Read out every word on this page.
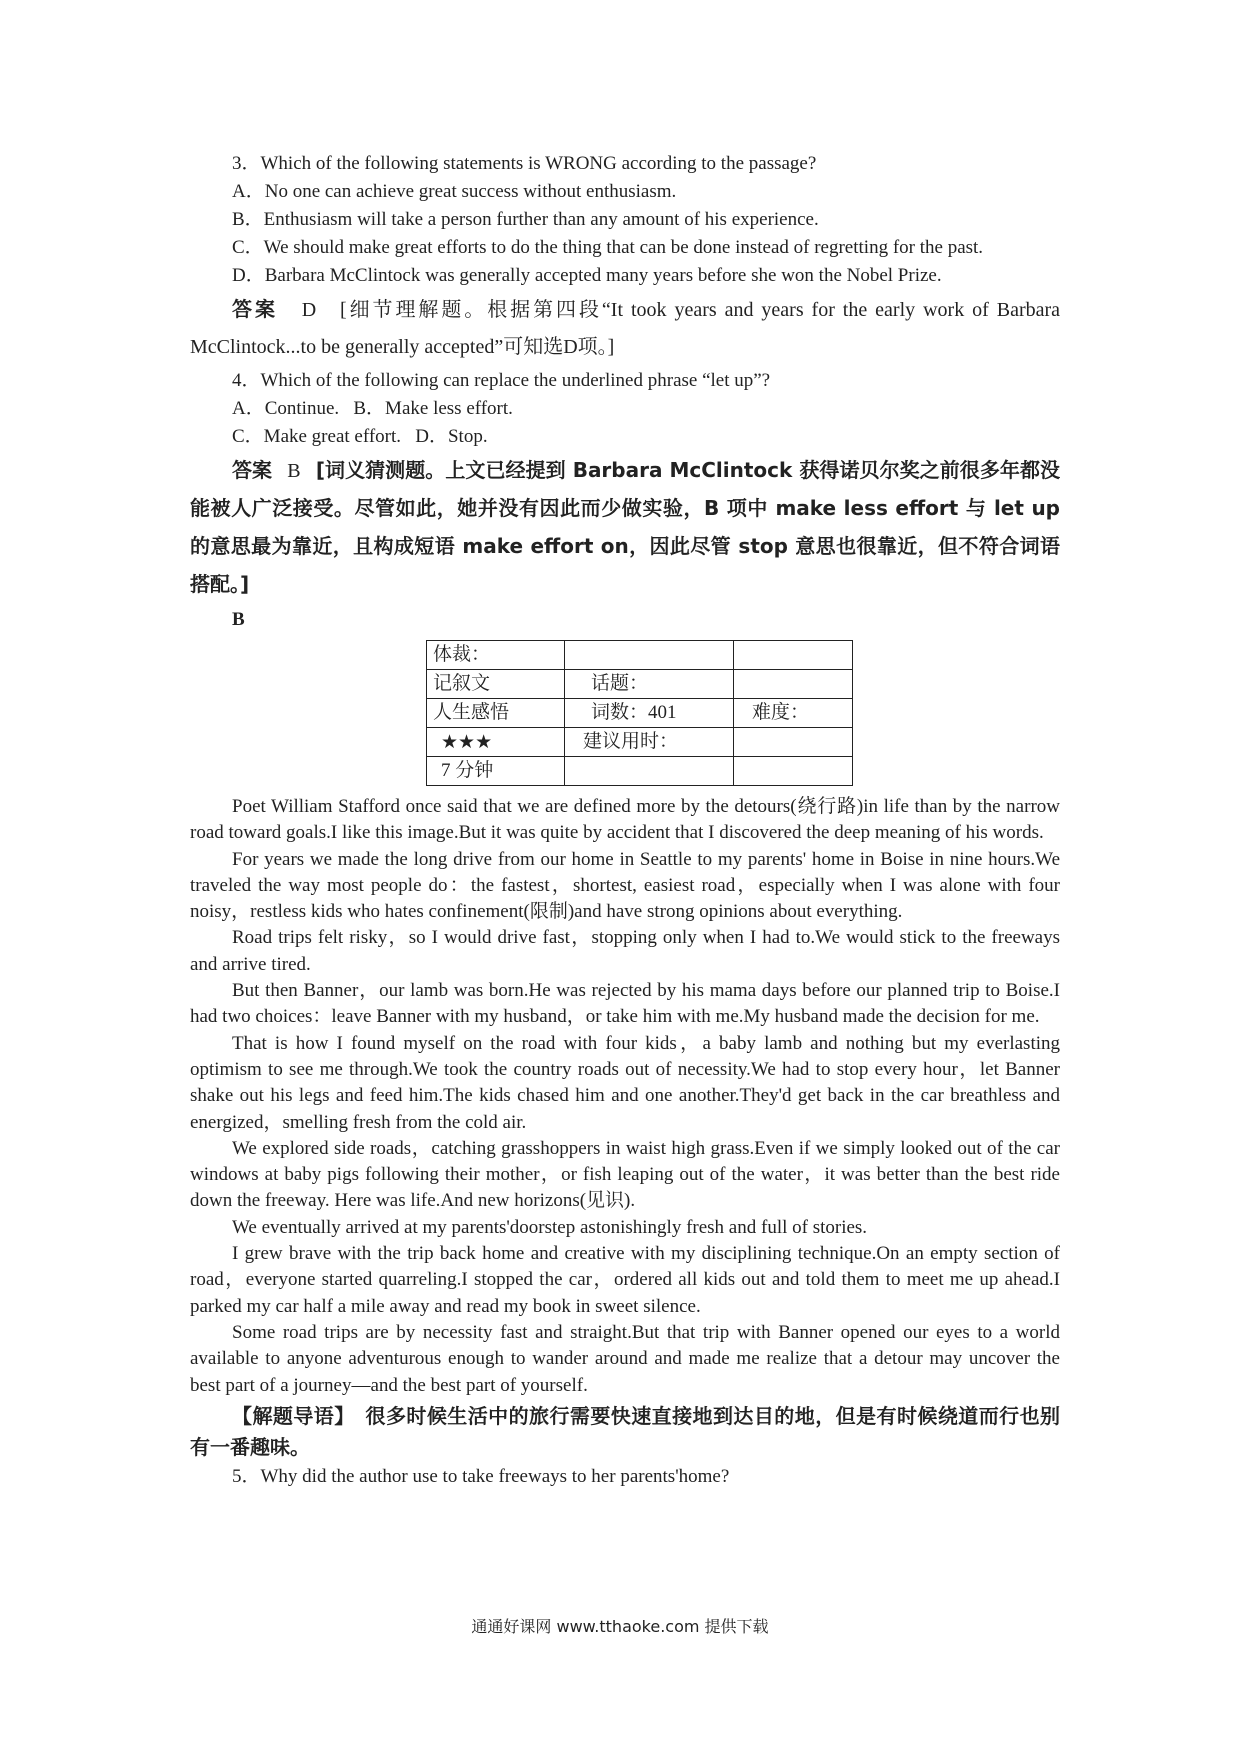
3．Which of the following statements is WRONG according to the passage?

A．No one can achieve great success without enthusiasm.

B．Enthusiasm will take a person further than any amount of his experience.

C．We should make great efforts to do the thing that can be done instead of regretting for the past.

D．Barbara McClintock was generally accepted many years before she won the Nobel Prize.

答案 D [细节理解题。根据第四段“It took years and years for the early work of Barbara McClintock...to be generally accepted”可知选D项。]

4．Which of the following can replace the underlined phrase “let up”?

A．Continue.   B．Make less effort.

C．Make great effort.   D．Stop.

答案 B [词义猜测题。上文已经提到 Barbara McClintock 获得诺贝尔奖之前很多年都没能被人广泛接受。尽管如此，她并没有因此而少做实验，B 项中 make less effort 与 let up 的意思最为靠近，且构成短语 make effort on，因此尽管 stop 意思也很靠近，但不符合词语搭配。]

B

体裁：		
记叙文	话题：	
人生感悟	词数：401	难度：
★★★	建议用时：	
7 分钟		

Poet William Stafford once said that we are defined more by the detours(绕行路)in life than by the narrow road toward goals.I like this image.But it was quite by accident that I discovered the deep meaning of his words.

For years we made the long drive from our home in Seattle to my parents' home in Boise in nine hours.We traveled the way most people do：the fastest，shortest, easiest road，especially when I was alone with four noisy，restless kids who hates confinement(限制)and have strong opinions about everything.

Road trips felt risky，so I would drive fast，stopping only when I had to.We would stick to the freeways and arrive tired.

But then Banner，our lamb was born.He was rejected by his mama days before our planned trip to Boise.I had two choices：leave Banner with my husband，or take him with me.My husband made the decision for me.

That is how I found myself on the road with four kids，a baby lamb and nothing but my everlasting optimism to see me through.We took the country roads out of necessity.We had to stop every hour，let Banner shake out his legs and feed him.The kids chased him and one another.They'd get back in the car breathless and energized，smelling fresh from the cold air.

We explored side roads，catching grasshoppers in waist high grass.Even if we simply looked out of the car windows at baby pigs following their mother，or fish leaping out of the water，it was better than the best ride down the freeway. Here was life.And new horizons(见识).

We eventually arrived at my parents'doorstep astonishingly fresh and full of stories.

I grew brave with the trip back home and creative with my disciplining technique.On an empty section of road，everyone started quarreling.I stopped the car，ordered all kids out and told them to meet me up ahead.I parked my car half a mile away and read my book in sweet silence.

Some road trips are by necessity fast and straight.But that trip with Banner opened our eyes to a world available to anyone adventurous enough to wander around and made me realize that a detour may uncover the best part of a journey—and the best part of yourself.

【解题导语】 很多时候生活中的旅行需要快速直接地到达目的地，但是有时候绕道而行也别有一番趣味。

5．Why did the author use to take freeways to her parents'home?

通通好课网 www.tthaoke.com 提供下载
